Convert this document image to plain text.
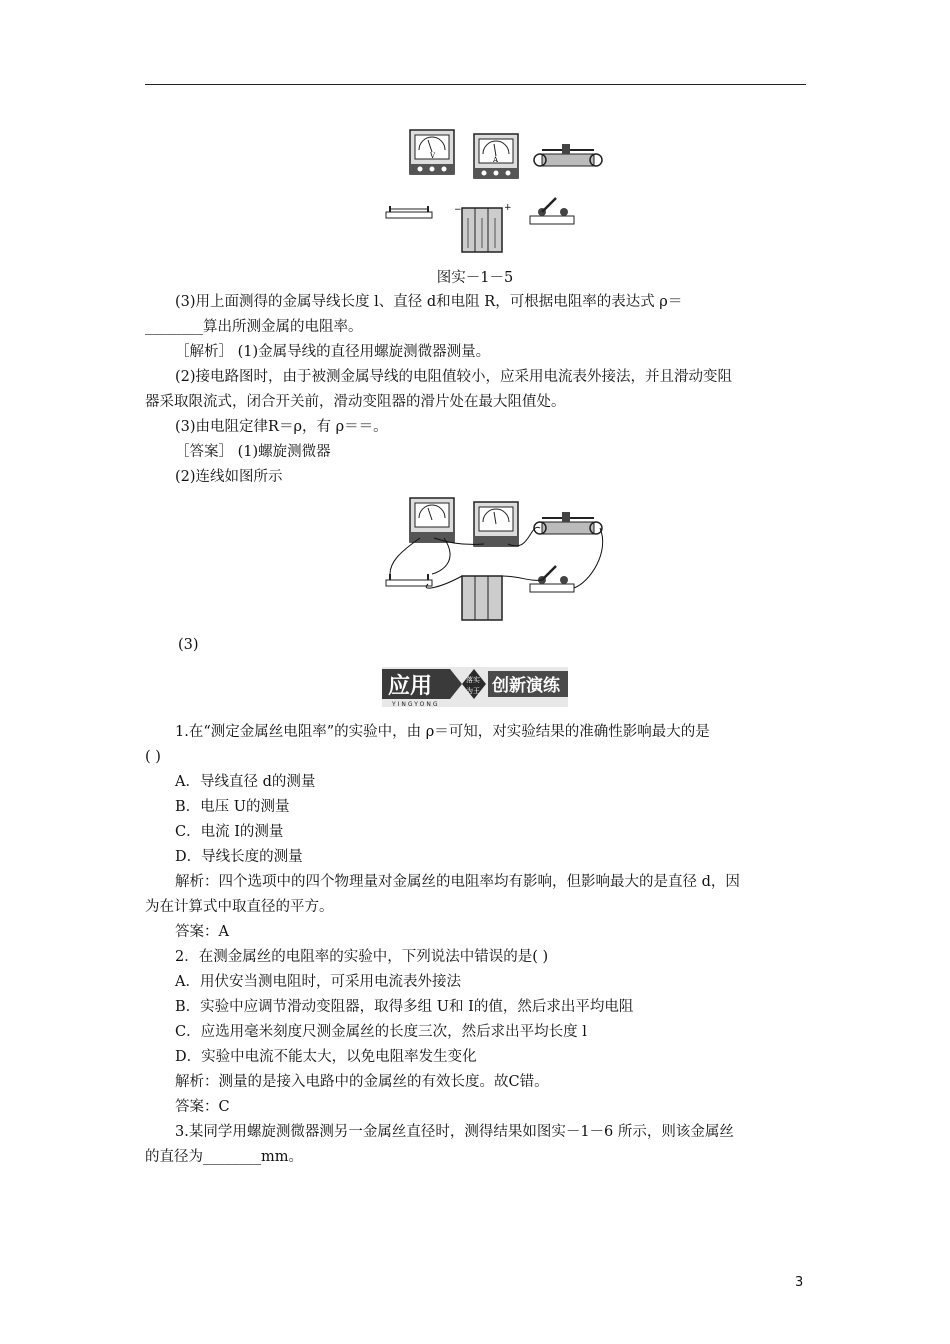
V	A
−	+
图实－1－5
(3)用上面测得的金属导线长度 l、直径 d和电阻 R，可根据电阻率的表达式 ρ＝
________算出所测金属的电阻率。
［解析］ (1)金属导线的直径用螺旋测微器测量。
(2)接电路图时，由于被测金属导线的电阻值较小，应采用电流表外接法，并且滑动变阻
器采取限流式，闭合开关前，滑动变阻器的滑片处在最大阻值处。
(3)由电阻定律R＝ρ，有 ρ＝＝。
［答案］ (1)螺旋测微器
(2)连线如图所示
(3)
应用	落实
为王 创新演练
YINGYONG
1.在“测定金属丝电阻率”的实验中，由 ρ＝可知，对实验结果的准确性影响最大的是
( )
A．导线直径 d的测量
B．电压 U的测量
C．电流 I的测量
D．导线长度的测量
解析：四个选项中的四个物理量对金属丝的电阻率均有影响，但影响最大的是直径 d，因
为在计算式中取直径的平方。
答案：A
2．在测金属丝的电阻率的实验中，下列说法中错误的是( )
A．用伏安当测电阻时，可采用电流表外接法
B．实验中应调节滑动变阻器，取得多组 U和 I的值，然后求出平均电阻
C．应选用毫米刻度尺测金属丝的长度三次，然后求出平均长度 l
D．实验中电流不能太大，以免电阻率发生变化
解析：测量的是接入电路中的金属丝的有效长度。故C错。
答案：C
3.某同学用螺旋测微器测另一金属丝直径时，测得结果如图实－1－6 所示，则该金属丝
的直径为________mm。
3
